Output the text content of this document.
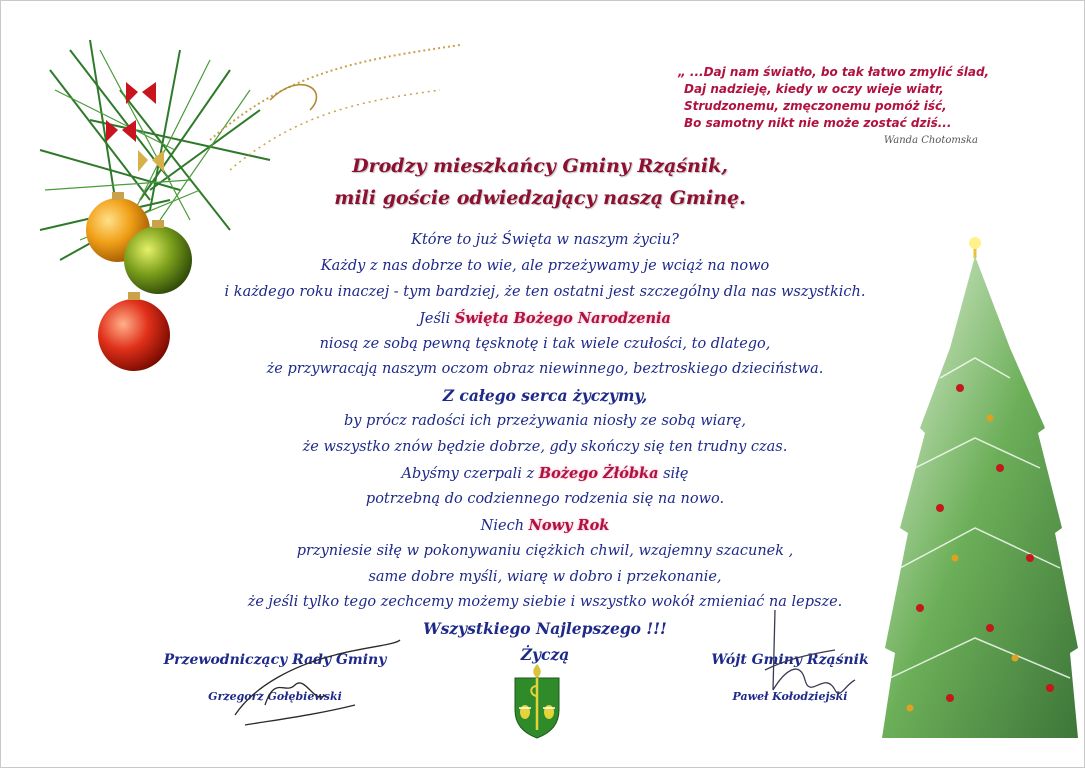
„ ...Daj nam światło, bo tak łatwo zmylić ślad,
Daj nadzieję, kiedy w oczy wieje wiatr,
Strudzonemu, zmęczonemu pomóż iść,
Bo samotny nikt nie może zostać dziś...
Wanda Chotomska
Drodzy mieszkańcy Gminy Rząśnik,
mili goście odwiedzający naszą Gminę.
Które to już Święta w naszym życiu?
Każdy z nas dobrze to wie, ale przeżywamy je wciąż na nowo
i każdego roku inaczej - tym bardziej, że ten ostatni jest szczególny dla nas wszystkich.
Jeśli Święta Bożego Narodzenia
niosą ze sobą pewną tęsknotę i tak wiele czułości, to dlatego,
że przywracają naszym oczom obraz niewinnego, beztroskiego dzieciństwa.
Z całego serca życzymy,
by prócz radości ich przeżywania niosły ze sobą wiarę,
że wszystko znów będzie dobrze, gdy skończy się ten trudny czas.
Abyśmy czerpali z Bożego Żłóbka siłę
potrzebną do codziennego rodzenia się na nowo.
Niech Nowy Rok
przyniesie siłę w pokonywaniu ciężkich chwil, wzajemny szacunek ,
same dobre myśli, wiarę w dobro i przekonanie,
że jeśli tylko tego zechcemy możemy siebie i wszystko wokół zmieniać na lepsze.
Wszystkiego Najlepszego !!!
Życzą
Przewodniczący Rady Gminy
Grzegorz Gołębiewski
Wójt Gminy Rząśnik
Paweł Kołodziejski
